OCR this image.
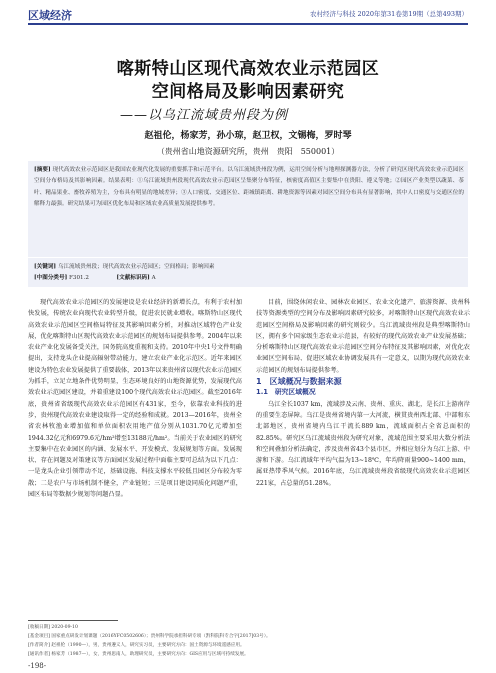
区域经济	农村经济与科技 2020年第31卷第19期（总第493期）
喀斯特山区现代高效农业示范园区
空间格局及影响因素研究
——以乌江流域贵州段为例
赵祖伦，杨家芳，孙小琼，赵卫权，文锡梅，罗时琴
（贵州省山地资源研究所，贵州　贵阳　550001）
[摘要] 现代高效农业示范园区是我国农业现代化发展的重要抓手和示范平台。以乌江流域贵州段为例，运用空间分析与地理探测器方法，分析了研究区现代高效农业示范园区空间分布格局及其影响因素。结果表明：①乌江流域贵州段现代高效农业示范园区呈集聚分布特征，核密度高值区主要集中在贵阳、遵义等地；②园区产业类型以蔬菜、茶叶、精品果业、畜牧养殖为主，分布具有明显的地域差异；③人口密度、交通区位、距城镇距离、耕地资源等因素对园区空间分布具有显著影响，其中人口密度与交通区位的解释力最强。研究结果可为园区优化布局和区域农业高质量发展提供参考。
[关键词] 乌江流域贵州段；现代高效农业示范园区；空间格局；影响因素
[中图分类号] F301.2	[文献标识码] A

现代高效农业示范园区的发展建设是农业经济的新增长点，有利于农村加快发展，传统农业向现代农业转型升级，促进农民就业增收。喀斯特山区现代高效农业示范园区空间格局特征及其影响因素分析，对推动区域特色产业发展，优化喀斯特山区现代高效农业示范园区的规划布局提供参考。2004年以来农业产业化发展备受关注，国务院高度重视和支持。2010年中央1号文件明确提出，支持龙头企业提高辐射带动能力，建立农业产业化示范区。近年来园区建设为特色农业发展提供了重要载体，2013年以来贵州省以现代农业示范园区为抓手，立足立地条件优势明显，生态环境良好的山地资源优势，发展现代高效农业示范园区建设，并着重建设100个现代高效农业示范园区。截至2016年底，贵州省省级现代高效农业示范园区有431家，至今，依靠农业科技的进步，贵州现代高效农业建设取得一定的经验和成就。2013—2016年，贵州全省农林牧渔业增加值和单位面积农用地产值分别从1031.70亿元增加至1944.32亿元和6979.6元/hm²增至13188元/hm²。当前关于农业园区的研究主要集中在农业园区的内涵、发展水平、开发模式、发展规划等方面。发展现状、存在问题及对策建议等方面园区发展过程中面临主要可总结为以下几点：一是龙头企业引领带动不足，基础设施、科技支撑水平较低且园区分布较为零散；二是农户与市场机制不健全，产业链短；三是项目建设同质化问题严重，园区布局等数据少规划等问题凸显。

目前，围绕休闲农业、园林农业园区、农业文化遗产、旅游资源、贵州科技等资源类型的空间分布及影响因素研究较多，对喀斯特山区现代高效农业示范园区空间格局及影响因素的研究则较少。乌江流域贵州段是典型喀斯特山区，拥有多个国家级生态农业示范县，有较好的现代高效农业产业发展基础；分析喀斯特山区现代高效农业示范园区空间分布特征及其影响因素，对优化农业园区空间布局、促进区域农业协调发展具有一定意义，以期为现代高效农业示范园区的规划布局提供参考。

1　区域概况与数据来源

1.1　研究区域概况

乌江全长1037 km，流域涉及云南、贵州、重庆、湖北，是长江上游南岸的重要生态屏障。乌江是贵州省境内第一大河流，横贯贵州西北部、中部和东北部地区，贵州省境内乌江干流长889 km，流域面积占全省总面积的82.85%。研究区乌江流域贵州段为研究对象，流域范围主要采用大数分析法和空间叠加分析法确定，涉及贵州省43个县市区，并相应划分为乌江上游、中游和下游。乌江流域年平均气温为13~18℃，年均降雨量900~1400 mm，属亚热带季风气候。2016年底，乌江流域贵州段省级现代高效农业示范园区221家，占总量的51.28%。

[收稿日期] 2020-09-10
[基金项目] 国家重点研发计划课题（2016YFC0502606）；贵州科学院承担科研专项（黔科院科专合字[2017]03号）。
[作者简介] 赵祖伦（1990—），男，贵州遵义人，研究实习员，主要研究方向：国土资源与环境遥感应用。
[通讯作者] 杨家芳（1987—），女，贵州思南人，助理研究员，主要研究方向：GIS应用与区域可持续发展。
-198-
